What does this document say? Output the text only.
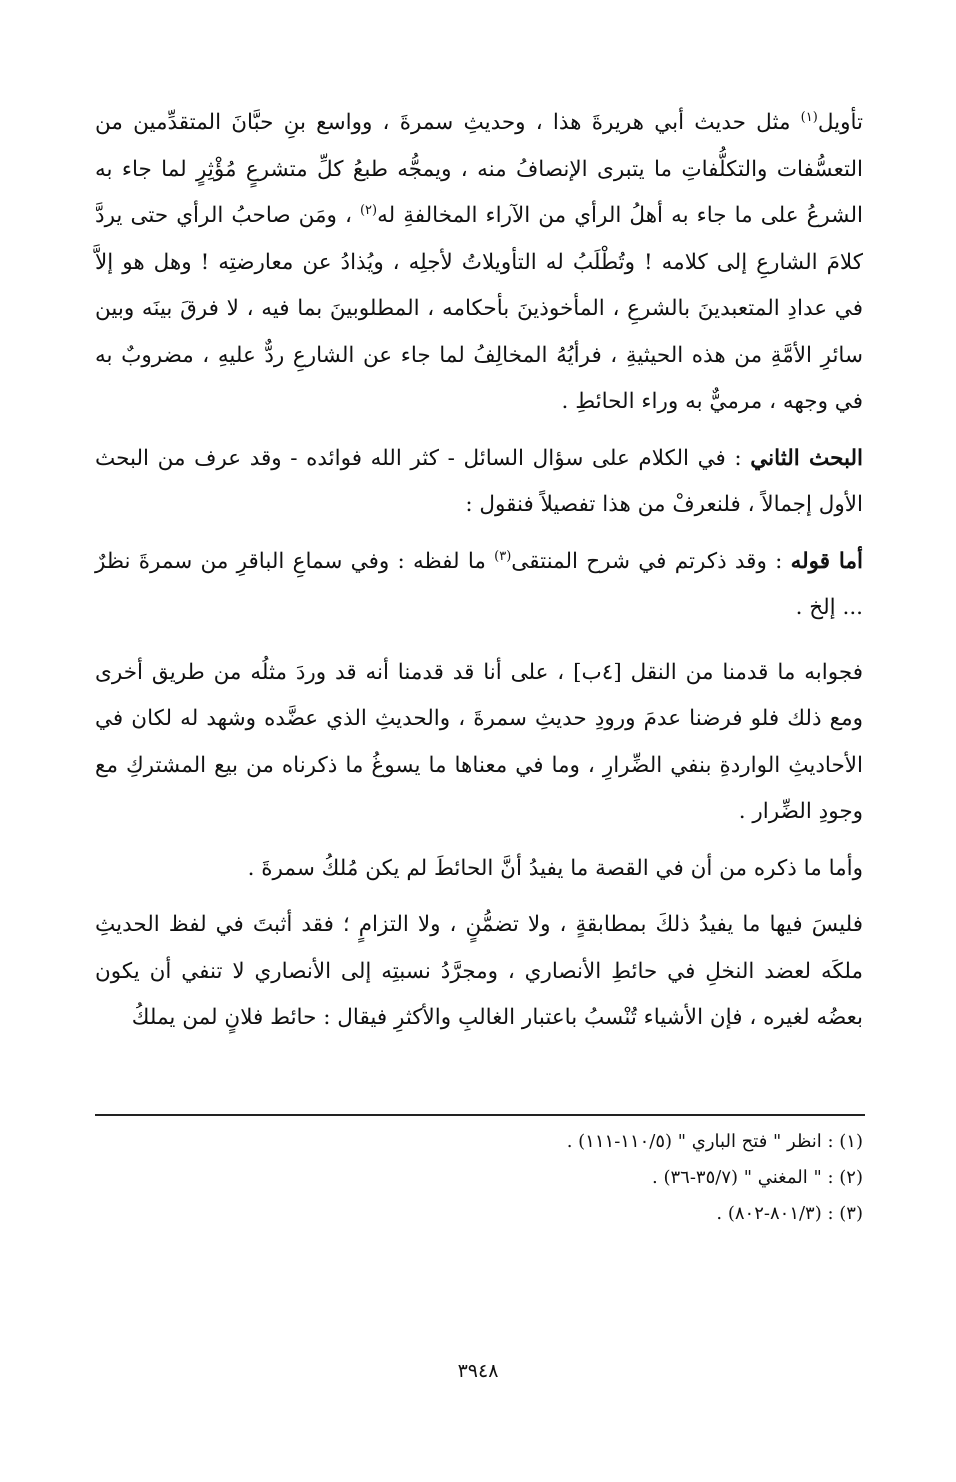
تأويل$^{(١)}$ مثل حديث أبي هريرةَ هذا ، وحديثِ سمرةَ ، وواسع بنِ حبَّانَ المتقدِّمين من التعسُّفات والتكلُّفاتِ ما يتبرى الإنصافُ منه ، ويمجُّه طبعُ كلِّ متشرعٍ مُؤْثِرٍ لما جاء به الشرعُ على ما جاء به أهلُ الرأي من الآراء المخالفةِ له$^{(٢)}$ ، ومَن صاحبُ الرأي حتى يردَّ كلامَ الشارعِ إلى كلامه ! وتُطْلَبُ له التأويلاتُ لأجلِه ، ويُذادُ عن معارضتِه ! وهل هو إلاَّ في عدادِ المتعبدينَ بالشرعِ ، المأخوذينَ بأحكامه ، المطلوبينَ بما فيه ، لا فرقَ بينَه وبين سائرِ الأمَّةِ من هذه الحيثيةِ ، فرأيُهُ المخالِفُ لما جاء عن الشارعِ ردٌّ عليهِ ، مضروبٌ به في وجهه ، مرميٌّ به وراء الحائطِ .

البحث الثاني : في الكلام على سؤال السائل - كثر الله فوائده - وقد عرف من البحث الأول إجمالاً ، فلنعرفْ من هذا تفصيلاً فنقول :

أما قوله : وقد ذكرتم في شرح المنتقى$^{(٣)}$ ما لفظه : وفي سماعِ الباقرِ من سمرةَ نظرٌ ... إلخ .

فجوابه ما قدمنا من النقل [٤ب] ، على أنا قد قدمنا أنه قد وردَ مثلُه من طريق أخرى ومع ذلك فلو فرضنا عدمَ ورودِ حديثِ سمرةَ ، والحديثِ الذي عضَّده وشهد له لكان في الأحاديثِ الواردةِ بنفي الضِّرارِ ، وما في معناها ما يسوغُ ما ذكرناه من بيع المشتركِ مع وجودِ الضِّرار .

وأما ما ذكره من أن في القصة ما يفيدُ أنَّ الحائطَ لم يكن مُلكُ سمرةَ .

فليسَ فيها ما يفيدُ ذلكَ بمطابقةٍ ، ولا تضمُّنٍ ، ولا التزامٍ ؛ فقد أثبتَ في لفظ الحديثِ ملكَه لعضد النخلِ في حائطِ الأنصاري ، ومجرَّدُ نسبتِه إلى الأنصاري لا تنفي أن يكون بعضُه لغيره ، فإن الأشياء تُنْسبُ باعتبار الغالبِ والأكثرِ فيقال : حائط فلانٍ لمن يملكُ

(١) : انظر " فتح الباري " (١١٠/٥-١١١) .
(٢) : " المغني " (٣٥/٧-٣٦) .
(٣) : (٨٠١/٣-٨٠٢) .
٣٩٤٨
